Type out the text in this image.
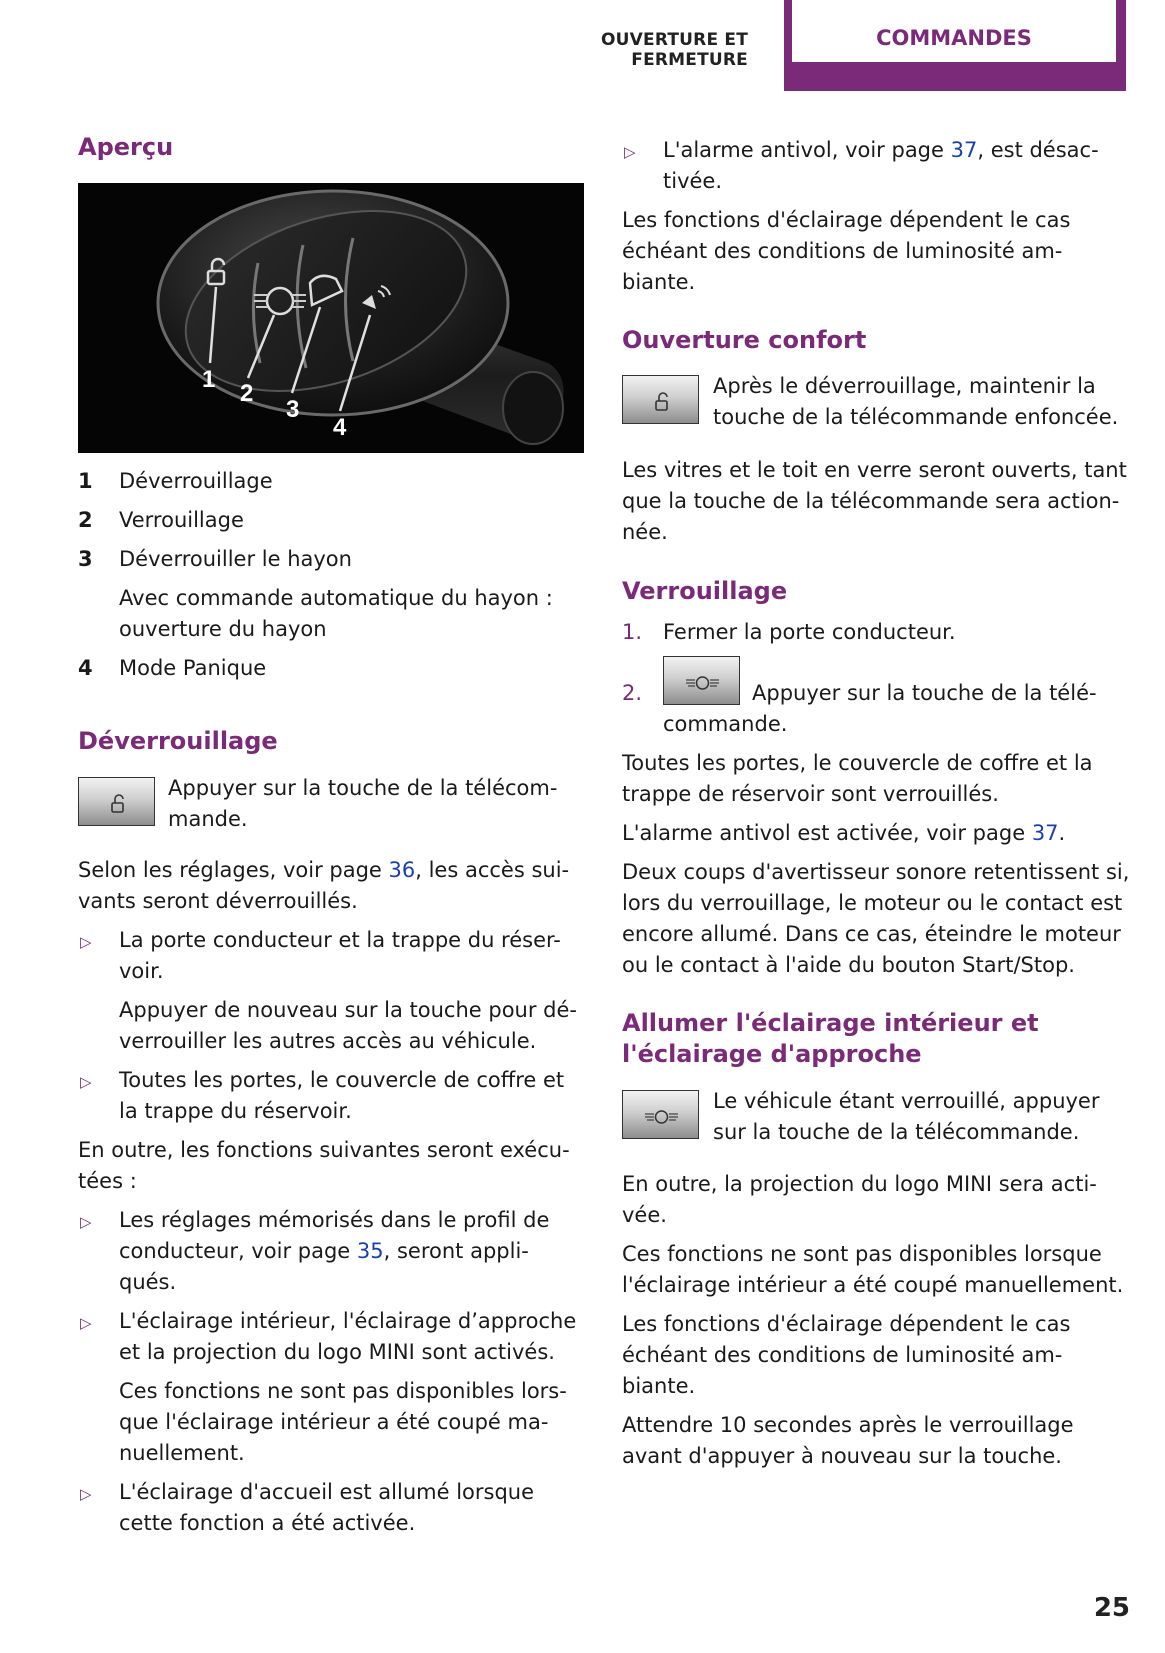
OUVERTURE ET FERMETURE
COMMANDES
Aperçu
1
2
3
4
1	Déverrouillage
2	Verrouillage
3	Déverrouiller le hayon
Avec commande automatique du hayon :
ouverture du hayon
4	Mode Panique
Déverrouillage
Appuyer sur la touche de la télécom-
mande.
Selon les réglages, voir page 36, les accès sui-
vants seront déverrouillés.
▷ La porte conducteur et la trappe du réser-
voir.
Appuyer de nouveau sur la touche pour dé-
verrouiller les autres accès au véhicule.
▷ Toutes les portes, le couvercle de coffre et
la trappe du réservoir.
En outre, les fonctions suivantes seront exécu-
tées :
▷ Les réglages mémorisés dans le profil de
conducteur, voir page 35, seront appli-
qués.
▷ L'éclairage intérieur, l'éclairage d’approche
et la projection du logo MINI sont activés.
Ces fonctions ne sont pas disponibles lors-
que l'éclairage intérieur a été coupé ma-
nuellement.
▷ L'éclairage d'accueil est allumé lorsque
cette fonction a été activée.
▷ L'alarme antivol, voir page 37, est désac-
tivée.
Les fonctions d'éclairage dépendent le cas
échéant des conditions de luminosité am-
biante.
Ouverture confort
Après le déverrouillage, maintenir la
touche de la télécommande enfoncée.
Les vitres et le toit en verre seront ouverts, tant
que la touche de la télécommande sera action-
née.
Verrouillage
1. Fermer la porte conducteur.
2.	Appuyer sur la touche de la télé-
commande.
Toutes les portes, le couvercle de coffre et la
trappe de réservoir sont verrouillés.
L'alarme antivol est activée, voir page 37.
Deux coups d'avertisseur sonore retentissent si,
lors du verrouillage, le moteur ou le contact est
encore allumé. Dans ce cas, éteindre le moteur
ou le contact à l'aide du bouton Start/Stop.
Allumer l'éclairage intérieur et
l'éclairage d'approche
Le véhicule étant verrouillé, appuyer
sur la touche de la télécommande.
En outre, la projection du logo MINI sera acti-
vée.
Ces fonctions ne sont pas disponibles lorsque
l'éclairage intérieur a été coupé manuellement.
Les fonctions d'éclairage dépendent le cas
échéant des conditions de luminosité am-
biante.
Attendre 10 secondes après le verrouillage
avant d'appuyer à nouveau sur la touche.
25
